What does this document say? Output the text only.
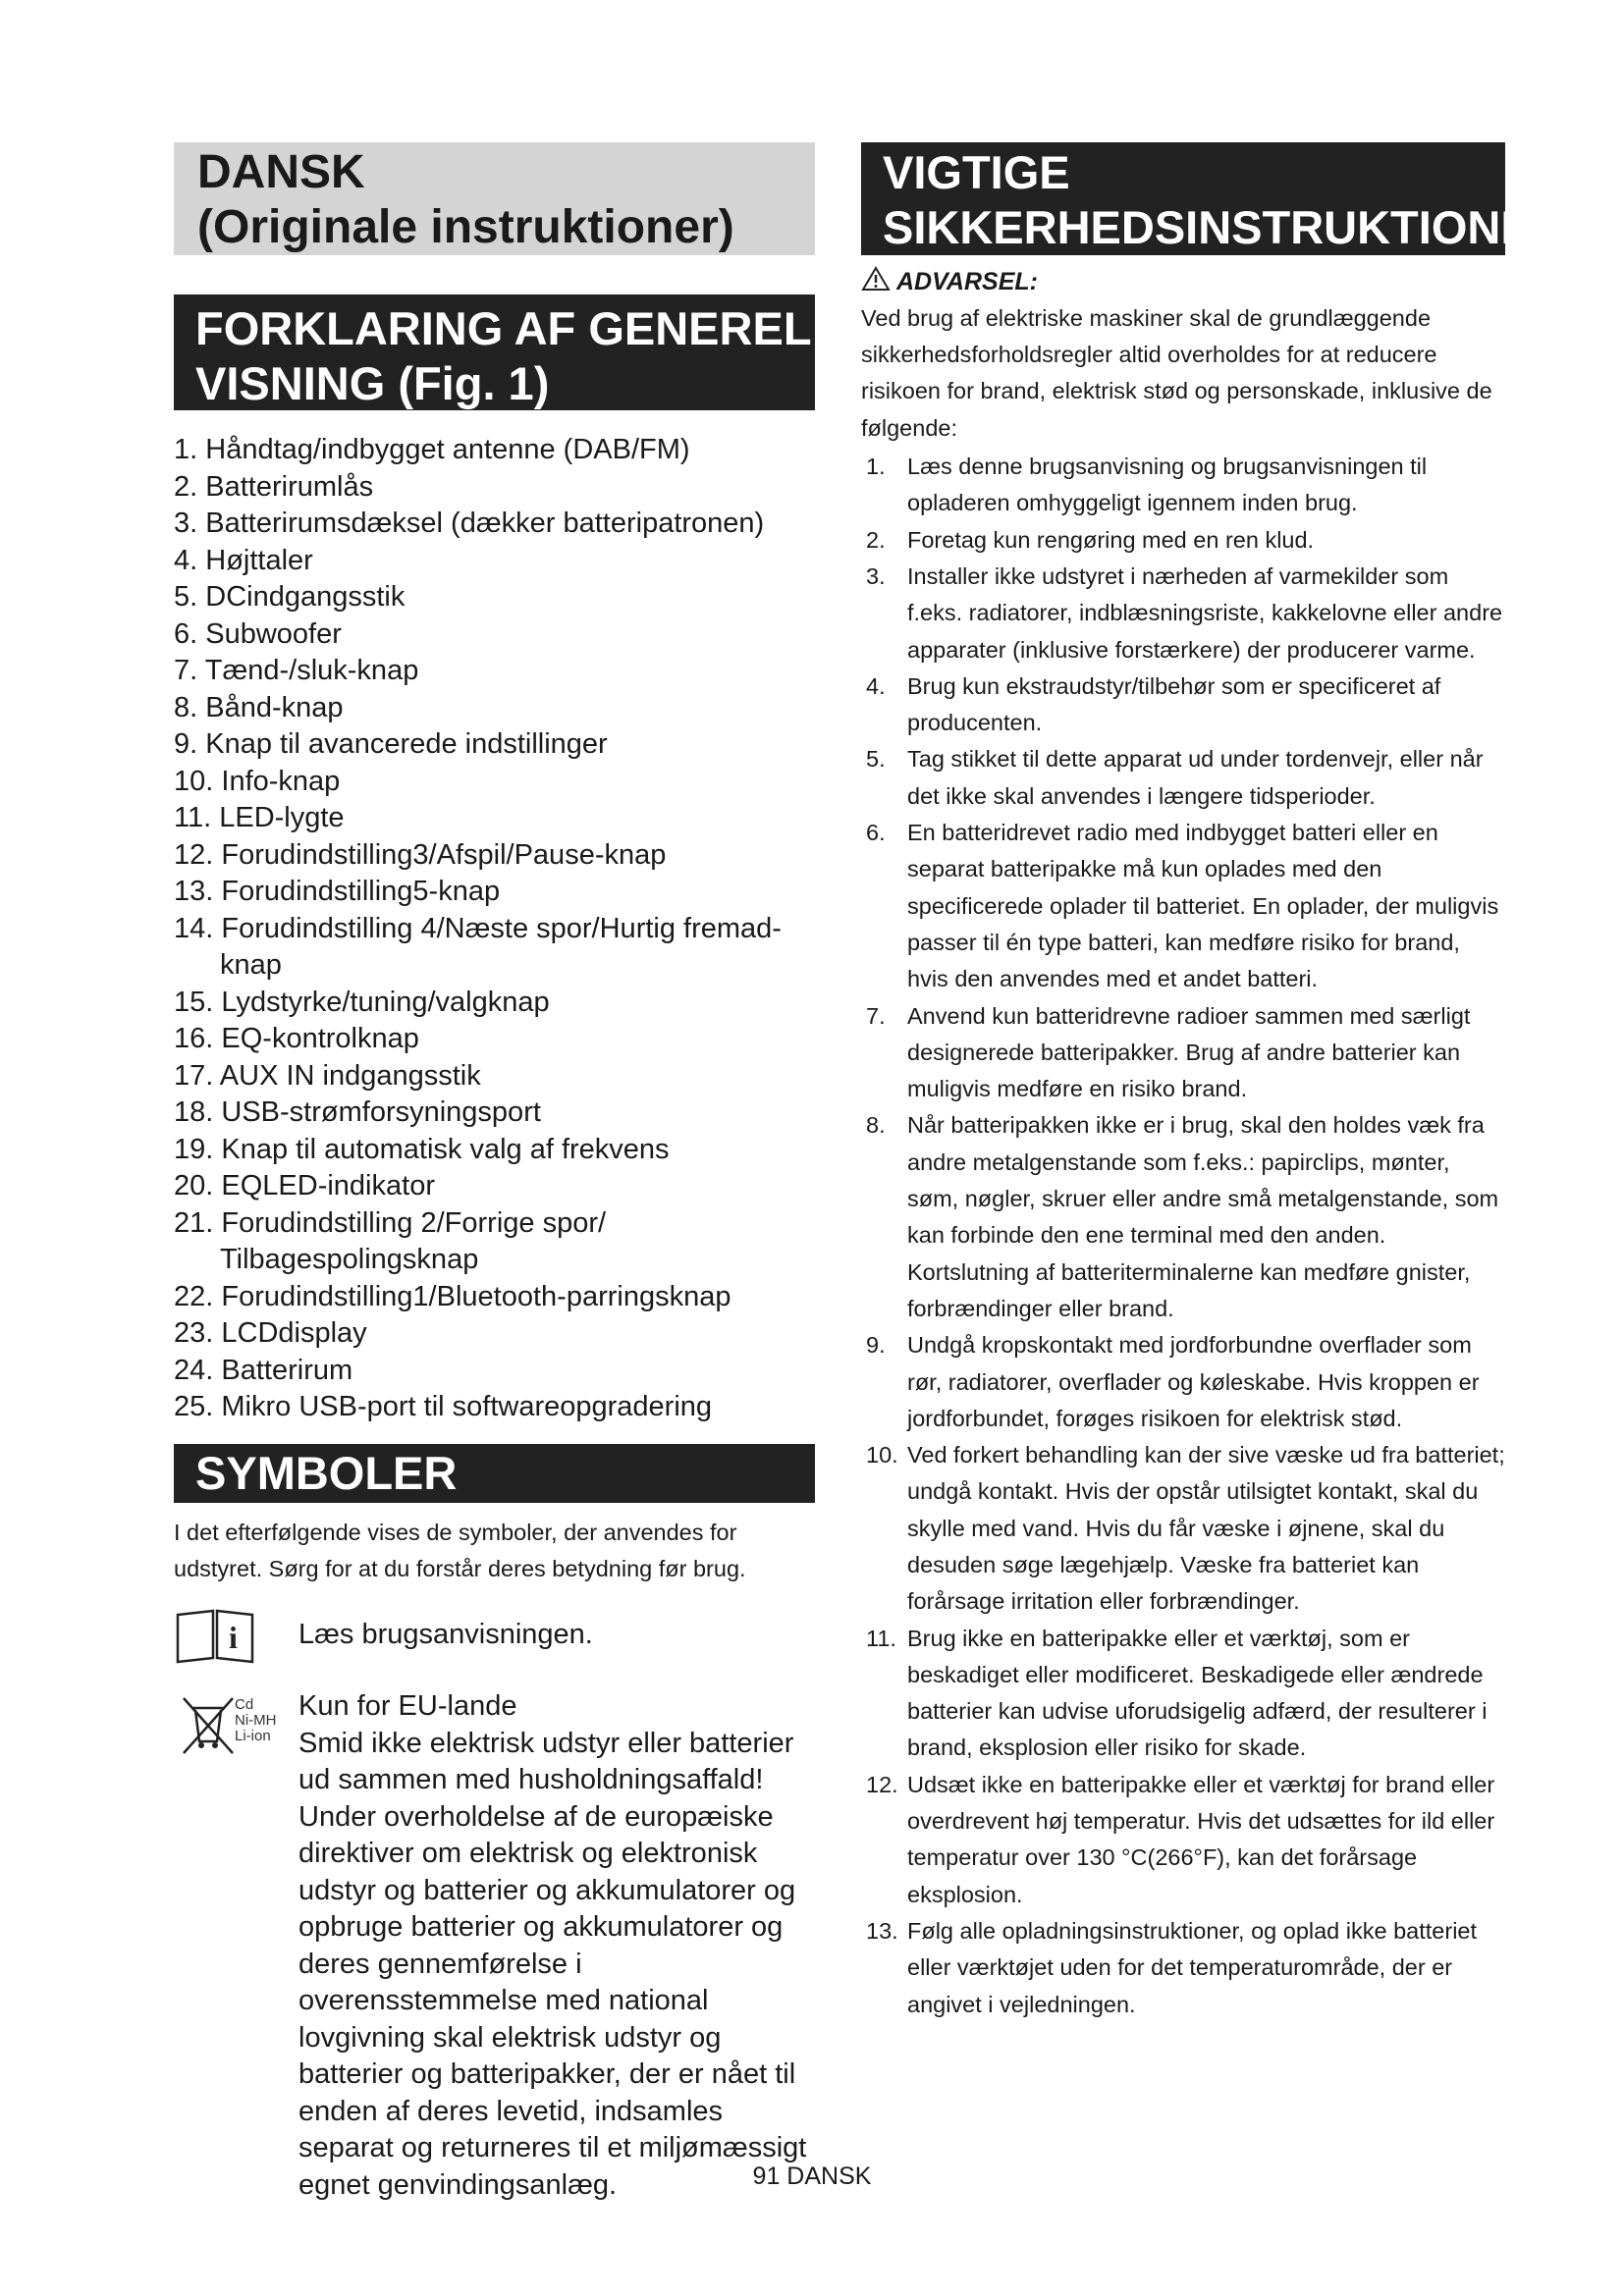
DANSK
(Originale instruktioner)
FORKLARING AF GENEREL
VISNING (Fig. 1)
1. Håndtag/indbygget antenne (DAB/FM)
2. Batterirumlås
3. Batterirumsdæksel (dækker batteripatronen)
4. Højttaler
5. DCindgangsstik
6. Subwoofer
7. Tænd-/sluk-knap
8. Bånd-knap
9. Knap til avancerede indstillinger
10. Info-knap
11. LED-lygte
12. Forudindstilling3/Afspil/Pause-knap
13. Forudindstilling5-knap
14. Forudindstilling 4/Næste spor/Hurtig fremad-
knap
15. Lydstyrke/tuning/valgknap
16. EQ-kontrolknap
17. AUX IN indgangsstik
18. USB-strømforsyningsport
19. Knap til automatisk valg af frekvens
20. EQLED-indikator
21. Forudindstilling 2/Forrige spor/
Tilbagespolingsknap
22. Forudindstilling1/Bluetooth-parringsknap
23. LCDdisplay
24. Batterirum
25. Mikro USB-port til softwareopgradering
SYMBOLER
I det efterfølgende vises de symboler, der anvendes for udstyret. Sørg for at du forstår deres betydning før brug.
i Læs brugsanvisningen.
Cd
Ni-MH
Li-ion
Kun for EU-lande
Smid ikke elektrisk udstyr eller batterier ud sammen med husholdningsaffald! Under overholdelse af de europæiske direktiver om elektrisk og elektronisk udstyr og batterier og akkumulatorer og opbruge batterier og akkumulatorer og deres gennemførelse i overensstemmelse med national lovgivning skal elektrisk udstyr og batterier og batteripakker, der er nået til enden af deres levetid, indsamles separat og returneres til et miljømæssigt egnet genvindingsanlæg.
VIGTIGE
SIKKERHEDSINSTRUKTIONER
ADVARSEL:
Ved brug af elektriske maskiner skal de grundlæggende sikkerhedsforholdsregler altid overholdes for at reducere risikoen for brand, elektrisk stød og personskade, inklusive de følgende:
1. Læs denne brugsanvisning og brugsanvisningen til opladeren omhyggeligt igennem inden brug.
2. Foretag kun rengøring med en ren klud.
3. Installer ikke udstyret i nærheden af varmekilder som f.eks. radiatorer, indblæsningsriste, kakkelovne eller andre apparater (inklusive forstærkere) der producerer varme.
4. Brug kun ekstraudstyr/tilbehør som er specificeret af producenten.
5. Tag stikket til dette apparat ud under tordenvejr, eller når det ikke skal anvendes i længere tidsperioder.
6. En batteridrevet radio med indbygget batteri eller en separat batteripakke må kun oplades med den specificerede oplader til batteriet. En oplader, der muligvis passer til én type batteri, kan medføre risiko for brand, hvis den anvendes med et andet batteri.
7. Anvend kun batteridrevne radioer sammen med særligt designerede batteripakker. Brug af andre batterier kan muligvis medføre en risiko brand.
8. Når batteripakken ikke er i brug, skal den holdes væk fra andre metalgenstande som f.eks.: papirclips, mønter, søm, nøgler, skruer eller andre små metalgenstande, som kan forbinde den ene terminal med den anden. Kortslutning af batteriterminalerne kan medføre gnister, forbrændinger eller brand.
9. Undgå kropskontakt med jordforbundne overflader som rør, radiatorer, overflader og køleskabe. Hvis kroppen er jordforbundet, forøges risikoen for elektrisk stød.
10. Ved forkert behandling kan der sive væske ud fra batteriet; undgå kontakt. Hvis der opstår utilsigtet kontakt, skal du skylle med vand. Hvis du får væske i øjnene, skal du desuden søge lægehjælp. Væske fra batteriet kan forårsage irritation eller forbrændinger.
11. Brug ikke en batteripakke eller et værktøj, som er beskadiget eller modificeret. Beskadigede eller ændrede batterier kan udvise uforudsigelig adfærd, der resulterer i brand, eksplosion eller risiko for skade.
12. Udsæt ikke en batteripakke eller et værktøj for brand eller overdrevent høj temperatur. Hvis det udsættes for ild eller temperatur over 130 °C(266°F), kan det forårsage eksplosion.
13. Følg alle opladningsinstruktioner, og oplad ikke batteriet eller værktøjet uden for det temperaturområde, der er angivet i vejledningen.
91 DANSK
